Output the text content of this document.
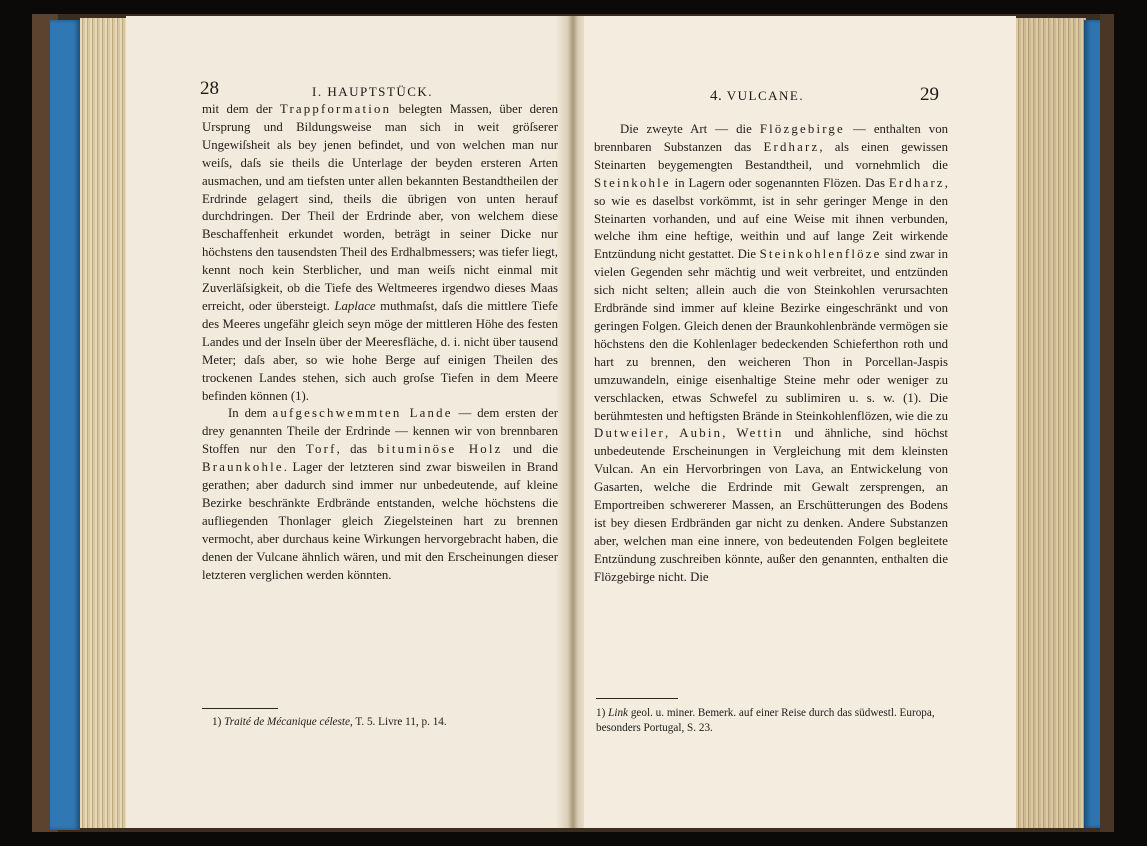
28	I. HAUPTSTÜCK.

mit dem der Trappformation belegten Massen, über deren Ursprung und Bildungsweise man sich in weit gröſserer Ungewiſsheit als bey jenen befindet, und von welchen man nur weiſs, daſs sie theils die Unterlage der beyden ersteren Arten ausmachen, und am tiefsten unter allen bekannten Bestandtheilen der Erdrinde gelagert sind, theils die übrigen von unten herauf durchdringen. Der Theil der Erdrinde aber, von welchem diese Beschaffenheit erkundet worden, beträgt in seiner Dicke nur höchstens den tausendsten Theil des Erdhalbmessers; was tiefer liegt, kennt noch kein Sterblicher, und man weiſs nicht einmal mit Zuverläſsigkeit, ob die Tiefe des Weltmeeres irgendwo dieses Maas erreicht, oder übersteigt. Laplace muthmaſst, daſs die mittlere Tiefe des Meeres ungefähr gleich seyn möge der mittleren Höhe des festen Landes und der Inseln über der Meeresfläche, d. i. nicht über tausend Meter; daſs aber, so wie hohe Berge auf einigen Theilen des trockenen Landes stehen, sich auch groſse Tiefen in dem Meere befinden können (1).

In dem aufgeschwemmten Lande — dem ersten der drey genannten Theile der Erdrinde — kennen wir von brennbaren Stoffen nur den Torf, das bituminöse Holz und die Braunkohle. Lager der letzteren sind zwar bisweilen in Brand gerathen; aber dadurch sind immer nur unbedeutende, auf kleine Bezirke beschränkte Erdbrände entstanden, welche höchstens die aufliegenden Thonlager gleich Ziegelsteinen hart zu brennen vermocht, aber durchaus keine Wirkungen hervorgebracht haben, die denen der Vulcane ähnlich wären, und mit den Erscheinungen dieser letzteren verglichen werden könnten.

1) Traité de Mécanique céleste, T. 5. Livre 11, p. 14.
4. VULCANE.	29

Die zweyte Art — die Flözgebirge — enthalten von brennbaren Substanzen das Erdharz, als einen gewissen Steinarten beygemengten Bestandtheil, und vornehmlich die Steinkohle in Lagern oder sogenannten Flözen. Das Erdharz, so wie es daselbst vorkömmt, ist in sehr geringer Menge in den Steinarten vorhanden, und auf eine Weise mit ihnen verbunden, welche ihm eine heftige, weithin und auf lange Zeit wirkende Entzündung nicht gestattet. Die Steinkohlenflöze sind zwar in vielen Gegenden sehr mächtig und weit verbreitet, und entzünden sich nicht selten; allein auch die von Steinkohlen verursachten Erdbrände sind immer auf kleine Bezirke eingeschränkt und von geringen Folgen. Gleich denen der Braunkohlenbrände vermögen sie höchstens den die Kohlenlager bedeckenden Schieferthon roth und hart zu brennen, den weicheren Thon in Porcellan-Jaspis umzuwandeln, einige eisenhaltige Steine mehr oder weniger zu verschlacken, etwas Schwefel zu sublimiren u. s. w. (1). Die berühmtesten und heftigsten Brände in Steinkohlenflözen, wie die zu Dutweiler, Aubin, Wettin und ähnliche, sind höchst unbedeutende Erscheinungen in Vergleichung mit dem kleinsten Vulcan. An ein Hervorbringen von Lava, an Entwickelung von Gasarten, welche die Erdrinde mit Gewalt zersprengen, an Emportreiben schwererer Massen, an Erschütterungen des Bodens ist bey diesen Erdbränden gar nicht zu denken. Andere Substanzen aber, welchen man eine innere, von bedeutenden Folgen begleitete Entzündung zuschreiben könnte, außer den genannten, enthalten die Flözgebirge nicht. Die

1) Link geol. u. miner. Bemerk. auf einer Reise durch das südwestl. Europa, besonders Portugal, S. 23.
